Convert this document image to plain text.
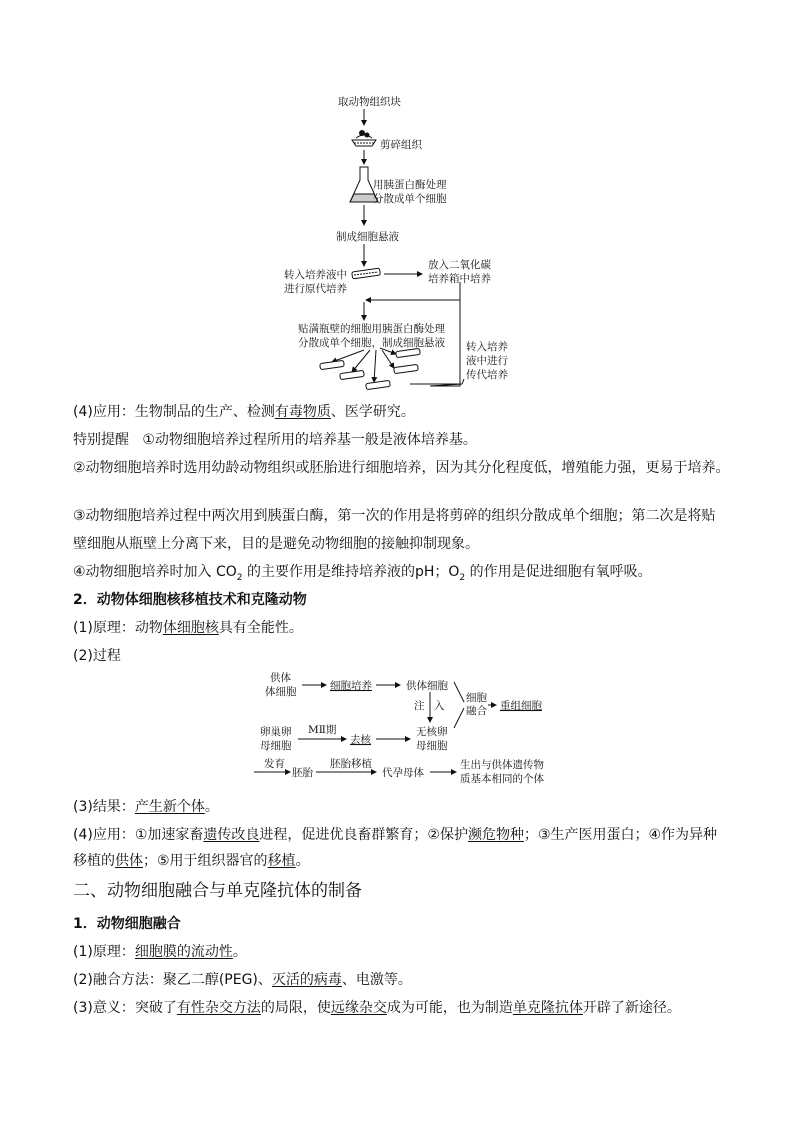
取动物组织块
剪碎组织
用胰蛋白酶处理
分散成单个细胞
制成细胞悬液
转入培养液中
进行原代培养
放入二氧化碳
培养箱中培养
贴满瓶壁的细胞用胰蛋白酶处理
分散成单个细胞，制成细胞悬液 转入培养
液中进行
传代培养
(4)应用：生物制品的生产、检测有毒物质、医学研究。
特别提醒 ①动物细胞培养过程所用的培养基一般是液体培养基。
②动物细胞培养时选用幼龄动物组织或胚胎进行细胞培养，因为其分化程度低，增殖能力强，更易于培养。
③动物细胞培养过程中两次用到胰蛋白酶，第一次的作用是将剪碎的组织分散成单个细胞；第二次是将贴
壁细胞从瓶壁上分离下来，目的是避免动物细胞的接触抑制现象。
④动物细胞培养时加入 $CO_2$ 的主要作用是维持培养液的pH；$O_2$ 的作用是促进细胞有氧呼吸。
2．动物体细胞核移植技术和克隆动物
(1)原理：动物体细胞核具有全能性。
(2)过程
供体
体细胞	细胞培养	供体细胞
注 入
细胞
融合 重组细胞
卵巢卵
母细胞
MⅡ期
去核
无核卵
母细胞
发育
胚胎
胚胎移植
代孕母体
生出与供体遗传物
质基本相同的个体
(3)结果：产生新个体。
(4)应用：①加速家畜遗传改良进程，促进优良畜群繁育；②保护濒危物种；③生产医用蛋白；④作为异种
移植的供体；⑤用于组织器官的移植。
二、动物细胞融合与单克隆抗体的制备
1．动物细胞融合
(1)原理：细胞膜的流动性。
(2)融合方法：聚乙二醇(PEG)、灭活的病毒、电激等。
(3)意义：突破了有性杂交方法的局限，使远缘杂交成为可能，也为制造单克隆抗体开辟了新途径。
